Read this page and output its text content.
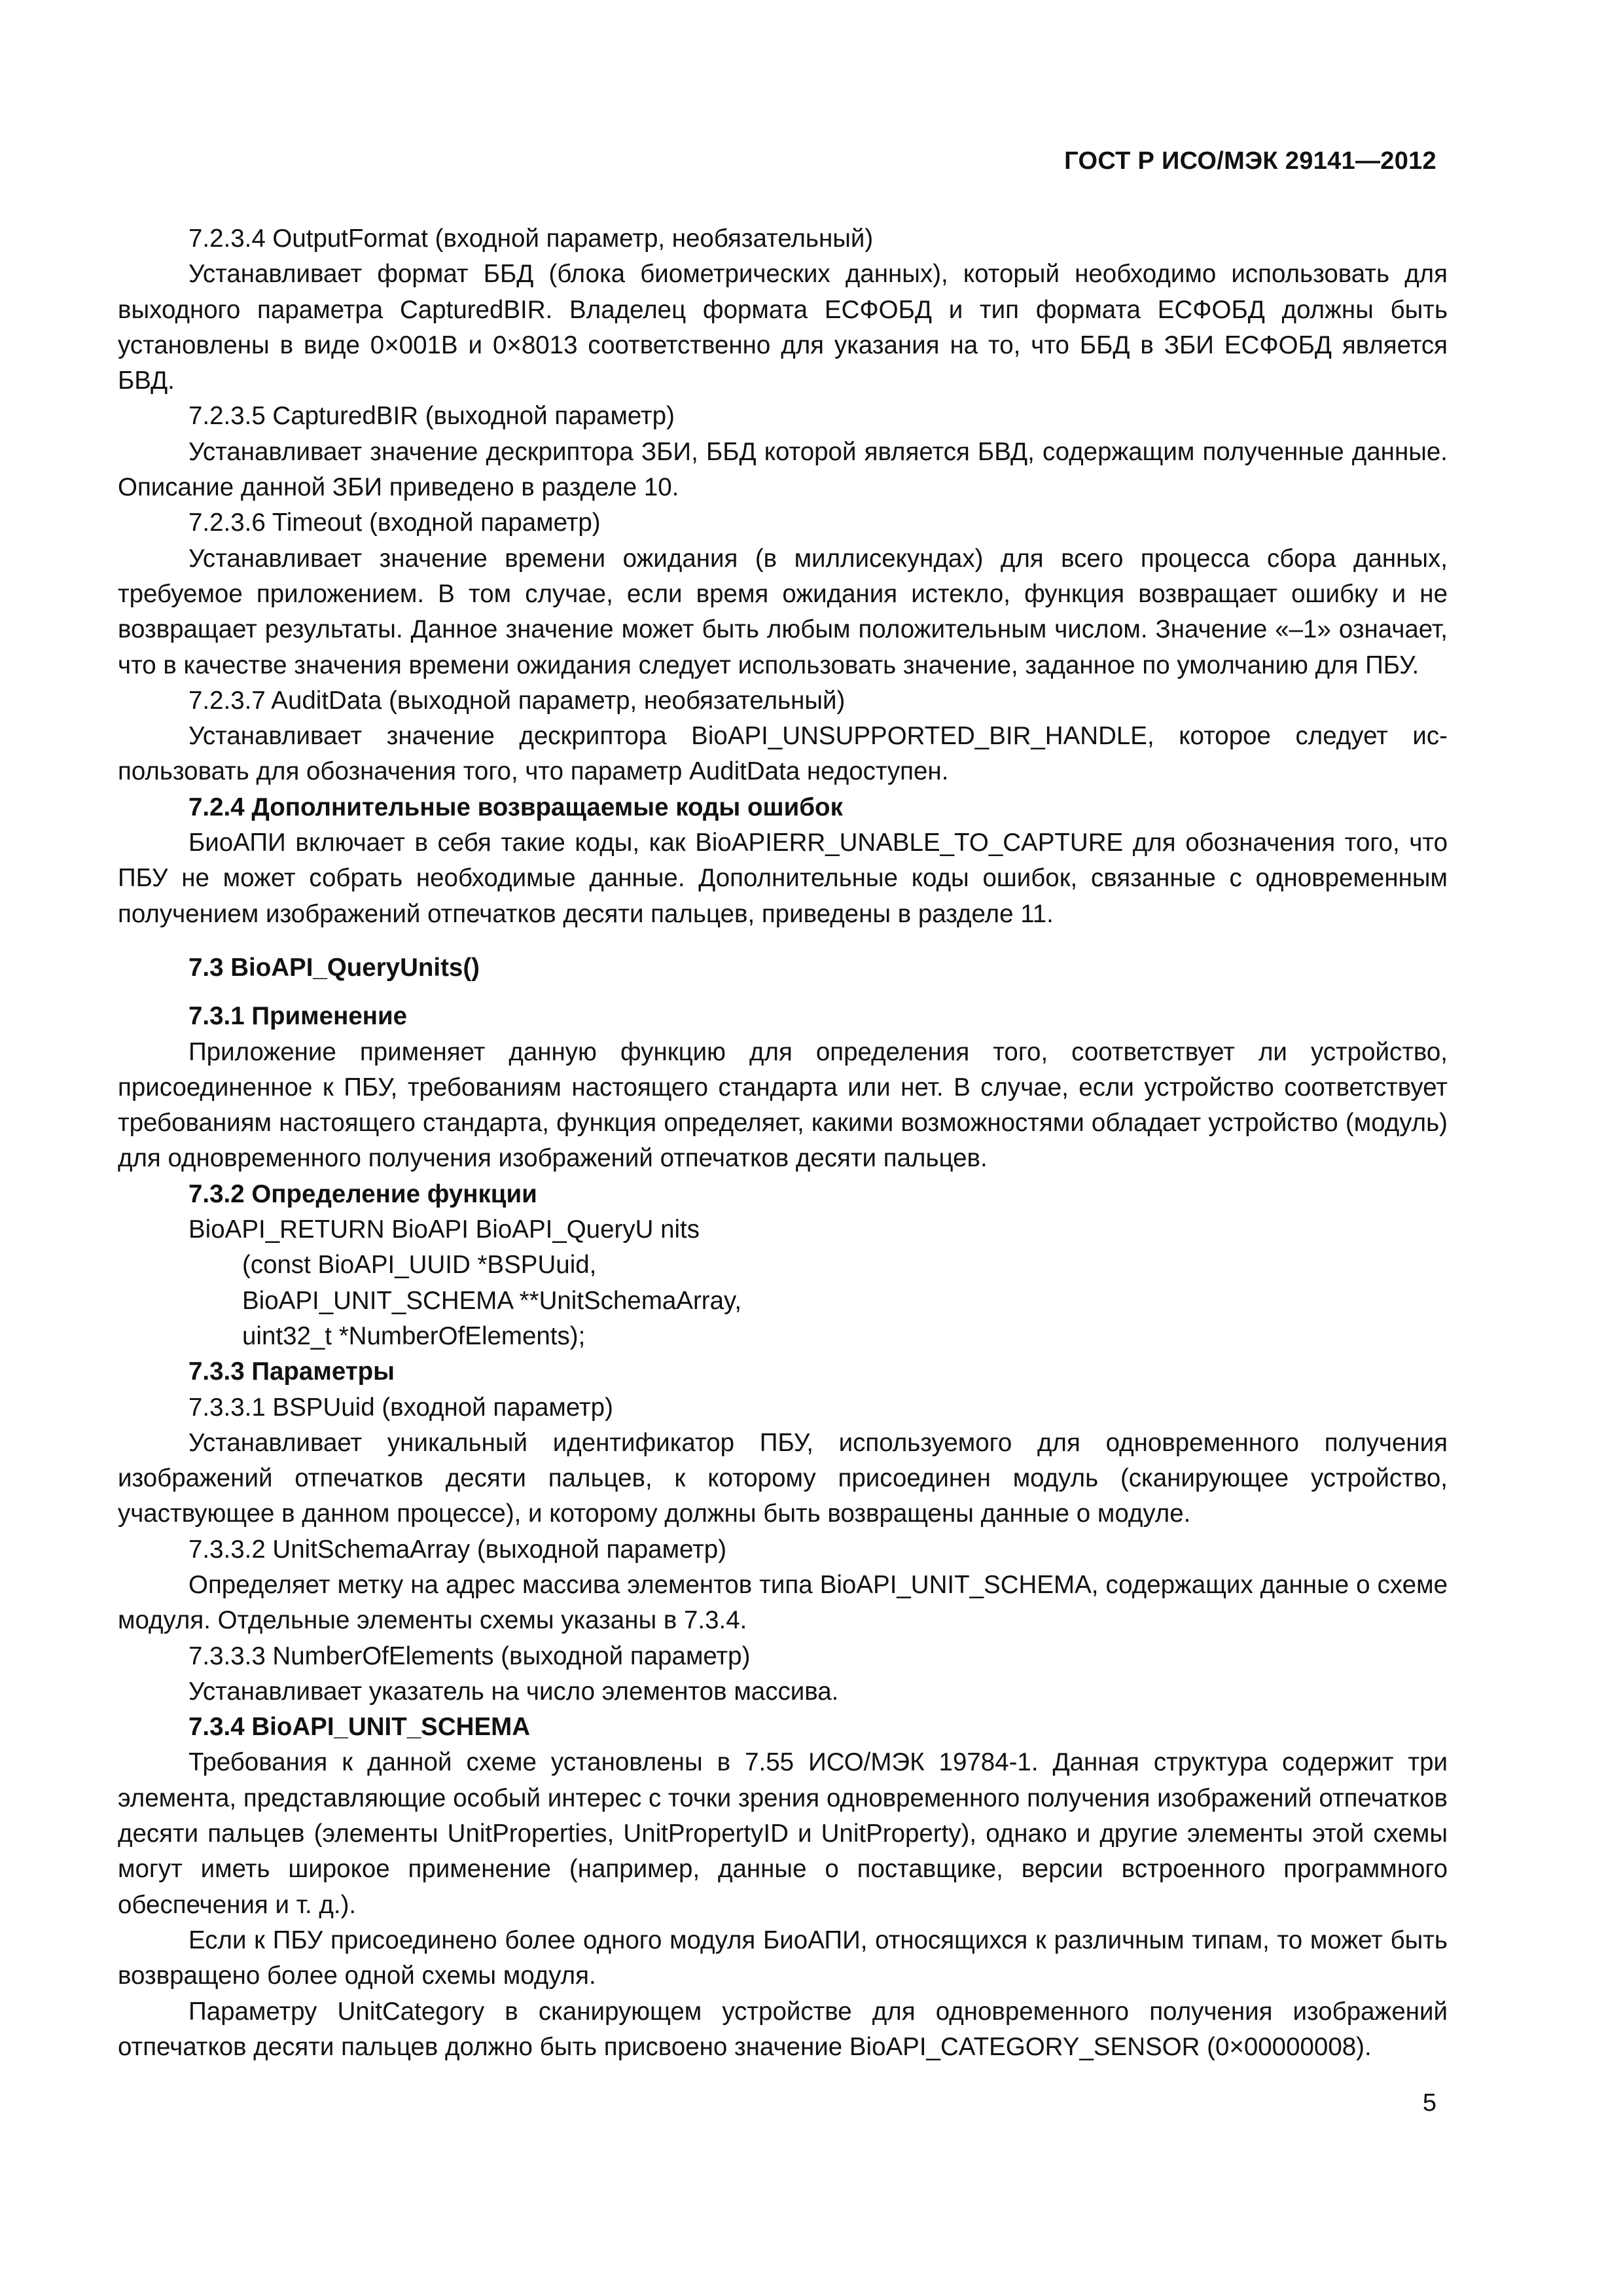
ГОСТ Р ИСО/МЭК 29141—2012

7.2.3.4 OutputFormat (входной параметр, необязательный)

Устанавливает формат ББД (блока биометрических данных), который необходимо использовать для выходного параметра CapturedBIR. Владелец формата ЕСФОБД и тип формата ЕСФОБД должны быть установлены в виде 0×001В и 0×8013 соответственно для указания на то, что ББД в ЗБИ ЕСФОБД является БВД.

7.2.3.5 CapturedBIR (выходной параметр)

Устанавливает значение дескриптора ЗБИ, ББД которой является БВД, содержащим полученные данные. Описание данной ЗБИ приведено в разделе 10.

7.2.3.6 Timeout (входной параметр)

Устанавливает значение времени ожидания (в миллисекундах) для всего процесса сбора данных, требуемое приложением. В том случае, если время ожидания истекло, функция возвращает ошибку и не возвращает результаты. Данное значение может быть любым положительным числом. Значение «–1» означает, что в качестве значения времени ожидания следует использовать значение, заданное по умолчанию для ПБУ.

7.2.3.7 AuditData (выходной параметр, необязательный)

Устанавливает значение дескриптора BioAPI_UNSUPPORTED_BIR_HANDLE, которое следует использовать для обозначения того, что параметр AuditData недоступен.

7.2.4 Дополнительные возвращаемые коды ошибок

БиоАПИ включает в себя такие коды, как BioAPIERR_UNABLE_TO_CAPTURE для обозначения того, что ПБУ не может собрать необходимые данные. Дополнительные коды ошибок, связанные с одновременным получением изображений отпечатков десяти пальцев, приведены в разделе 11.

7.3 BioAPI_QueryUnits()

7.3.1 Применение

Приложение применяет данную функцию для определения того, соответствует ли устройство, присоединенное к ПБУ, требованиям настоящего стандарта или нет. В случае, если устройство соответствует требованиям настоящего стандарта, функция определяет, какими возможностями обладает устройство (модуль) для одновременного получения изображений отпечатков десяти пальцев.

7.3.2 Определение функции

BioAPI_RETURN BioAPI BioAPI_QueryU nits

(const BioAPI_UUID *BSPUuid,

BioAPI_UNIT_SCHEMA **UnitSchemaArray,

uint32_t *NumberOfElements);

7.3.3 Параметры

7.3.3.1 BSPUuid (входной параметр)

Устанавливает уникальный идентификатор ПБУ, используемого для одновременного получения изображений отпечатков десяти пальцев, к которому присоединен модуль (сканирующее устройство, участвующее в данном процессе), и которому должны быть возвращены данные о модуле.

7.3.3.2 UnitSchemaArray (выходной параметр)

Определяет метку на адрес массива элементов типа BioAPI_UNIT_SCHEMA, содержащих данные о схеме модуля. Отдельные элементы схемы указаны в 7.3.4.

7.3.3.3 NumberOfElements (выходной параметр)

Устанавливает указатель на число элементов массива.

7.3.4 BioAPI_UNIT_SCHEMA

Требования к данной схеме установлены в 7.55 ИСО/МЭК 19784-1. Данная структура содержит три элемента, представляющие особый интерес с точки зрения одновременного получения изображений отпечатков десяти пальцев (элементы UnitProperties, UnitPropertyID и UnitProperty), однако и другие элементы этой схемы могут иметь широкое применение (например, данные о поставщике, версии встроенного программного обеспечения и т. д.).

Если к ПБУ присоединено более одного модуля БиоАПИ, относящихся к различным типам, то может быть возвращено более одной схемы модуля.

Параметру UnitCategory в сканирующем устройстве для одновременного получения изображений отпечатков десяти пальцев должно быть присвоено значение BioAPI_CATEGORY_SENSOR (0×00000008).

5
